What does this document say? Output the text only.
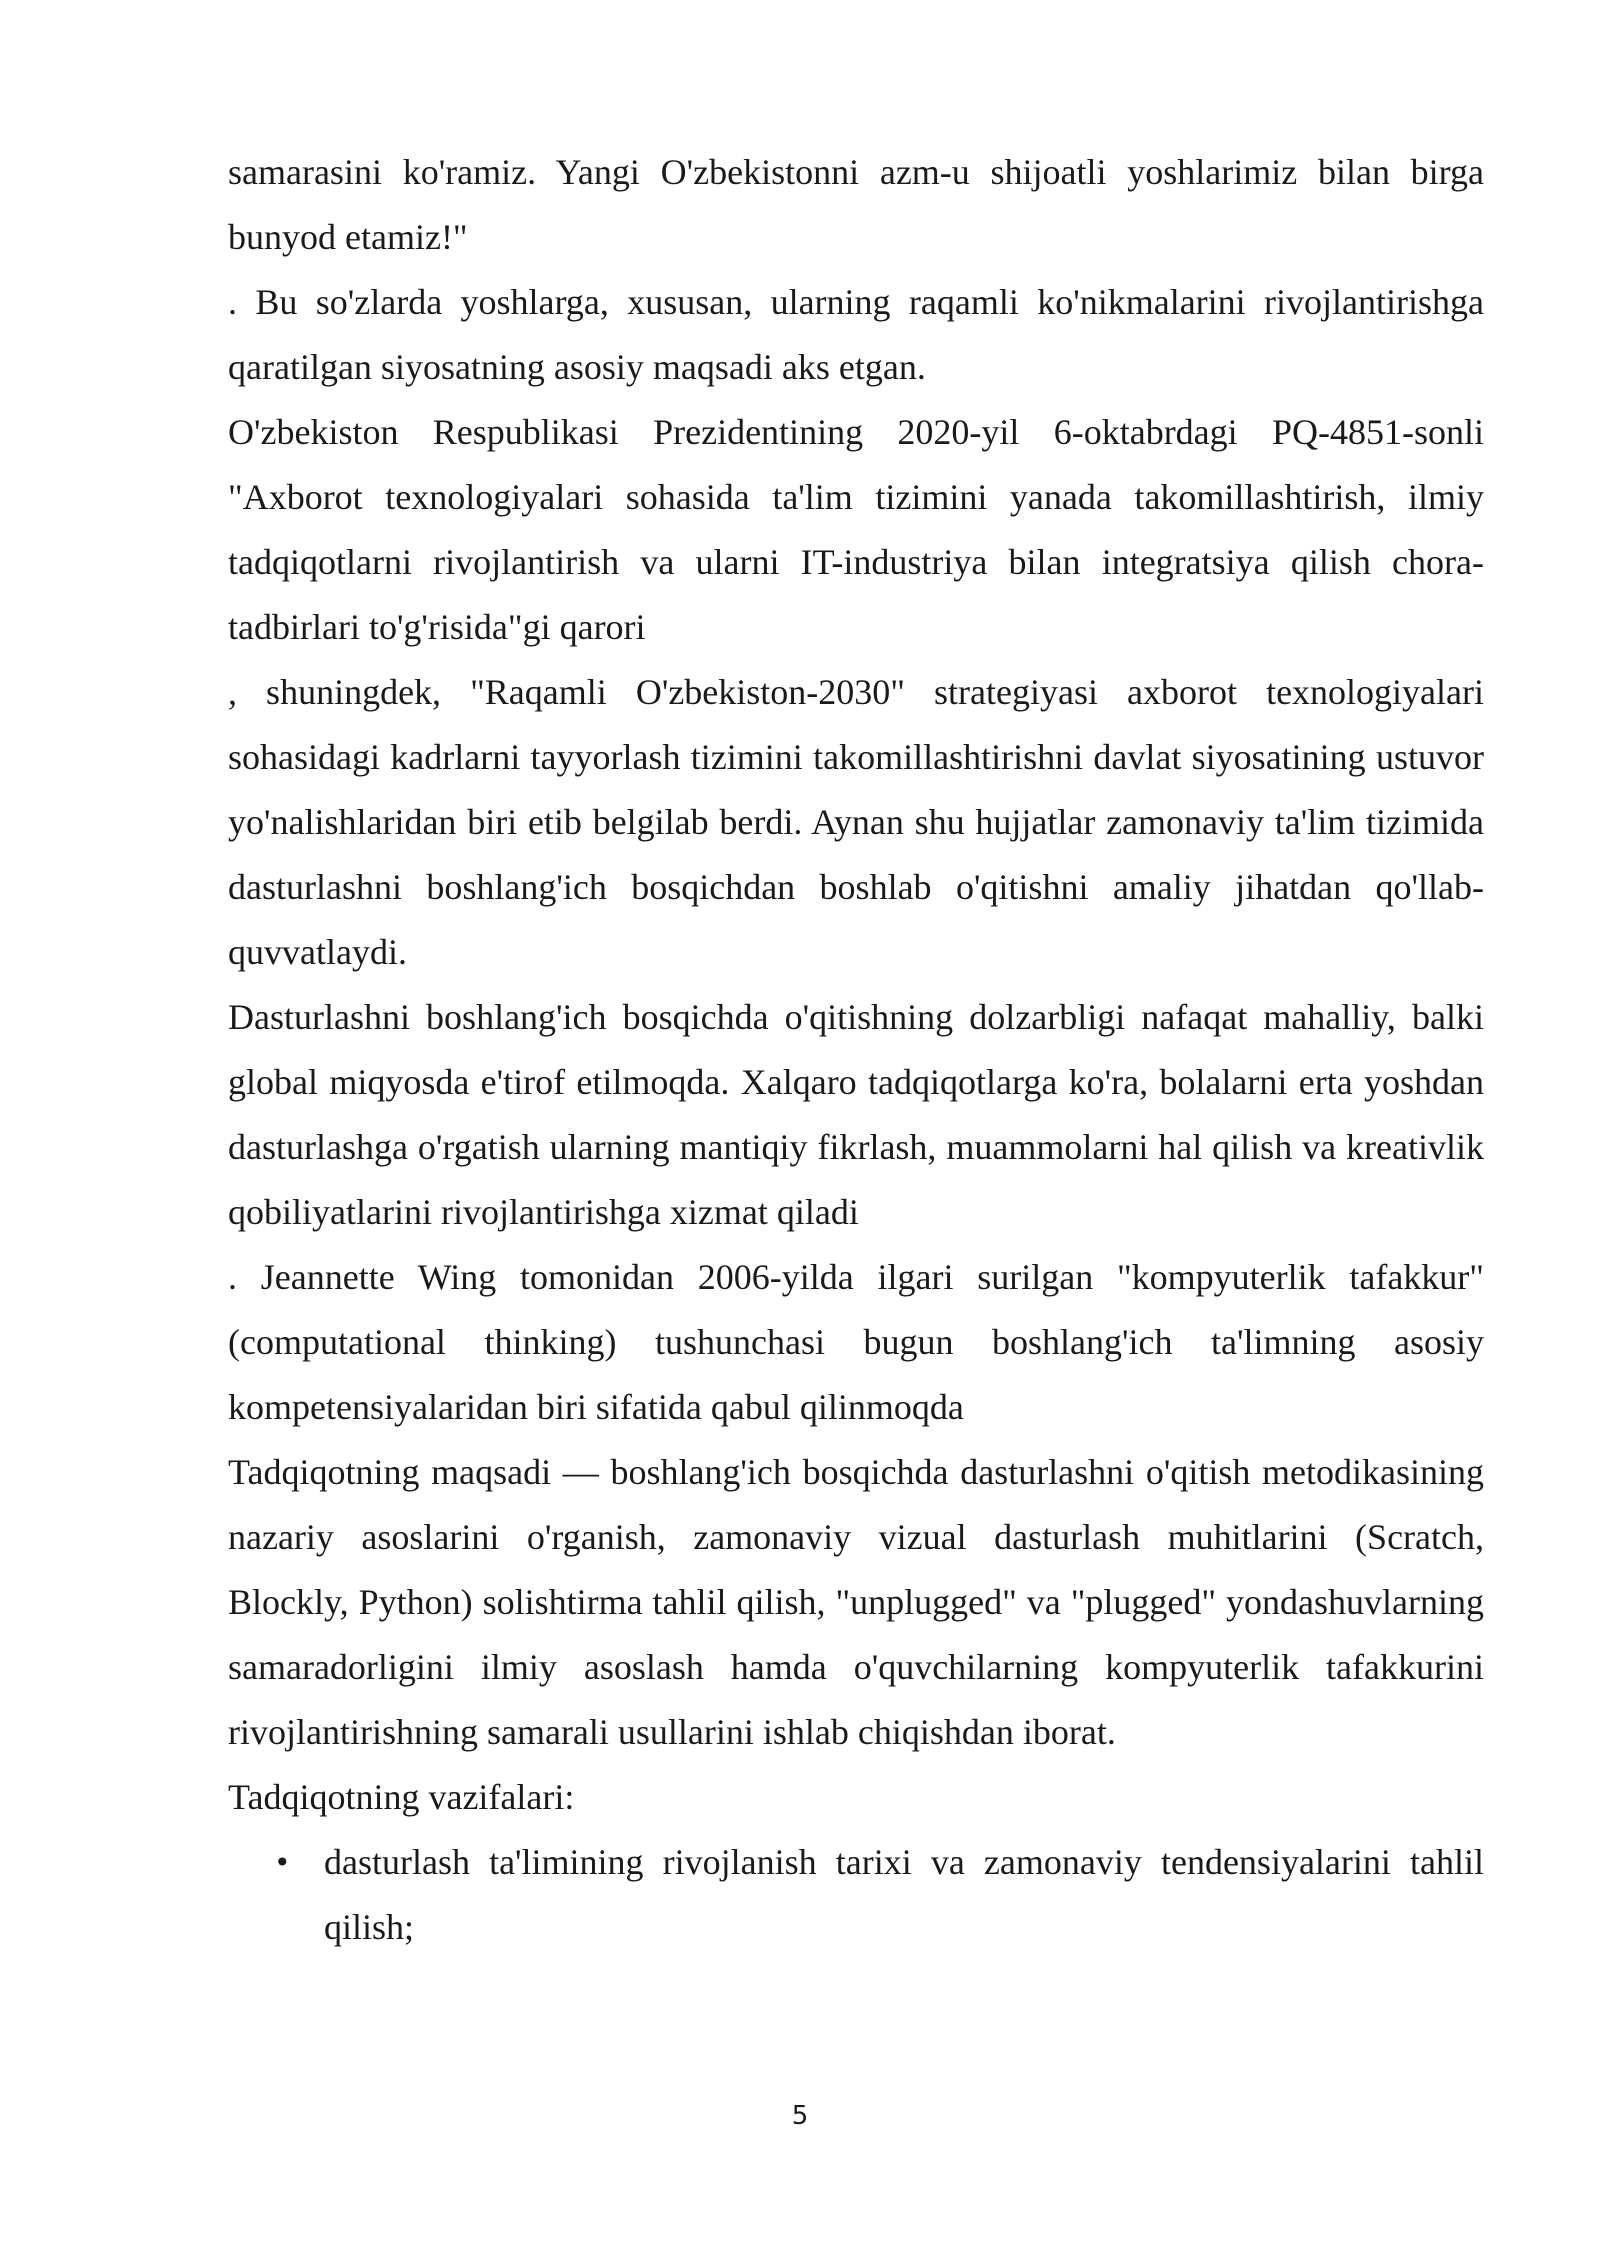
samarasini ko'ramiz. Yangi O'zbekistonni azm-u shijoatli yoshlarimiz bilan birga bunyod etamiz!"

. Bu so'zlarda yoshlarga, xususan, ularning raqamli ko'nikmalarini rivojlantirishga qaratilgan siyosatning asosiy maqsadi aks etgan.

O'zbekiston Respublikasi Prezidentining 2020-yil 6-oktabrdagi PQ-4851-sonli "Axborot texnologiyalari sohasida ta'lim tizimini yanada takomillashtirish, ilmiy tadqiqotlarni rivojlantirish va ularni IT-industriya bilan integratsiya qilish chora-tadbirlari to'g'risida"gi qarori

, shuningdek, "Raqamli O'zbekiston-2030" strategiyasi axborot texnologiyalari sohasidagi kadrlarni tayyorlash tizimini takomillashtirishni davlat siyosatining ustuvor yo'nalishlaridan biri etib belgilab berdi. Aynan shu hujjatlar zamonaviy ta'lim tizimida dasturlashni boshlang'ich bosqichdan boshlab o'qitishni amaliy jihatdan qo'llab-quvvatlaydi.

Dasturlashni boshlang'ich bosqichda o'qitishning dolzarbligi nafaqat mahalliy, balki global miqyosda e'tirof etilmoqda. Xalqaro tadqiqotlarga ko'ra, bolalarni erta yoshdan dasturlashga o'rgatish ularning mantiqiy fikrlash, muammolarni hal qilish va kreativlik qobiliyatlarini rivojlantirishga xizmat qiladi

. Jeannette Wing tomonidan 2006-yilda ilgari surilgan "kompyuterlik tafakkur" (computational thinking) tushunchasi bugun boshlang'ich ta'limning asosiy kompetensiyalaridan biri sifatida qabul qilinmoqda

Tadqiqotning maqsadi — boshlang'ich bosqichda dasturlashni o'qitish metodikasining nazariy asoslarini o'rganish, zamonaviy vizual dasturlash muhitlarini (Scratch, Blockly, Python) solishtirma tahlil qilish, "unplugged" va "plugged" yondashuvlarning samaradorligini ilmiy asoslash hamda o'quvchilarning kompyuterlik tafakkurini rivojlantirishning samarali usullarini ishlab chiqishdan iborat.

Tadqiqotning vazifalari:

• dasturlash ta'limining rivojlanish tarixi va zamonaviy tendensiyalarini tahlil qilish;
5
